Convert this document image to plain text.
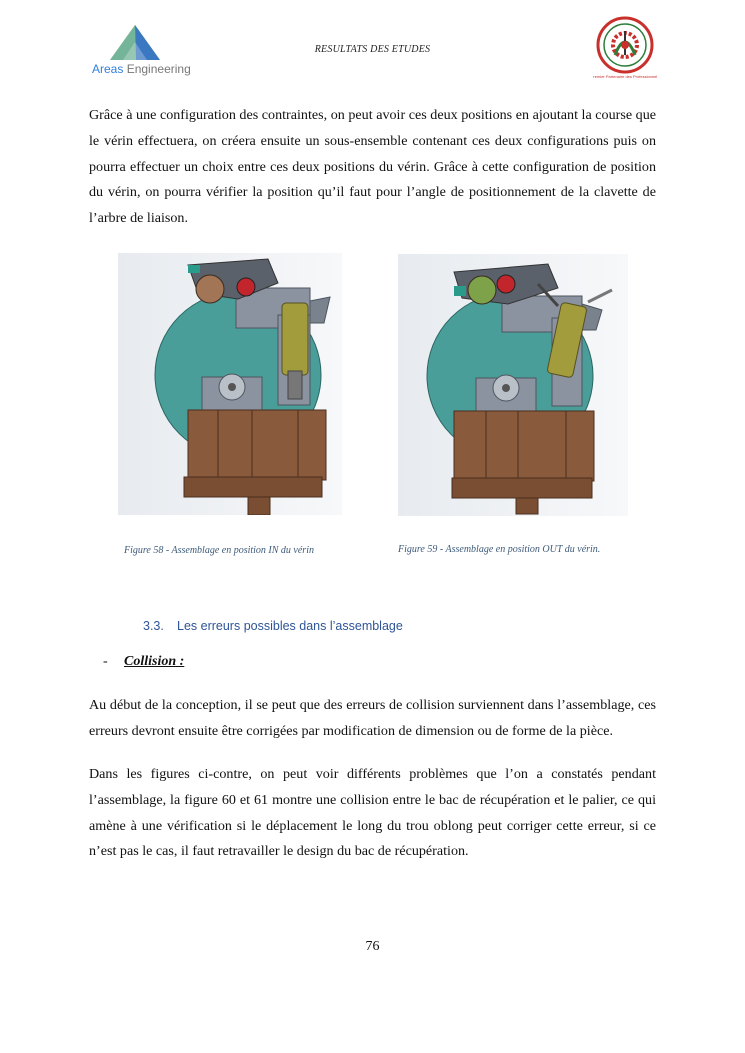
Areas Engineering
RESULTATS DES ETUDES
Premier Partenaire des Professionnels
Grâce à une configuration des contraintes, on peut avoir ces deux positions en ajoutant la course que le vérin effectuera, on créera ensuite un sous-ensemble contenant ces deux configurations puis on pourra effectuer un choix entre ces deux positions du vérin. Grâce à cette configuration de position du vérin, on pourra vérifier la position qu’il faut pour l’angle de positionnement de la clavette de l’arbre de liaison.
Figure 58 - Assemblage en position IN du vérin	Figure 59 - Assemblage en position OUT du vérin.
3.3. Les erreurs possibles dans l’assemblage
- Collision :
Au début de la conception, il se peut que des erreurs de collision surviennent dans l’assemblage, ces erreurs devront ensuite être corrigées par modification de dimension ou de forme de la pièce.
Dans les figures ci-contre, on peut voir différents problèmes que l’on a constatés pendant l’assemblage, la figure 60 et 61 montre une collision entre le bac de récupération et le palier, ce qui amène à une vérification si le déplacement le long du trou oblong peut corriger cette erreur, si ce n’est pas le cas, il faut retravailler le design du bac de récupération.
76
